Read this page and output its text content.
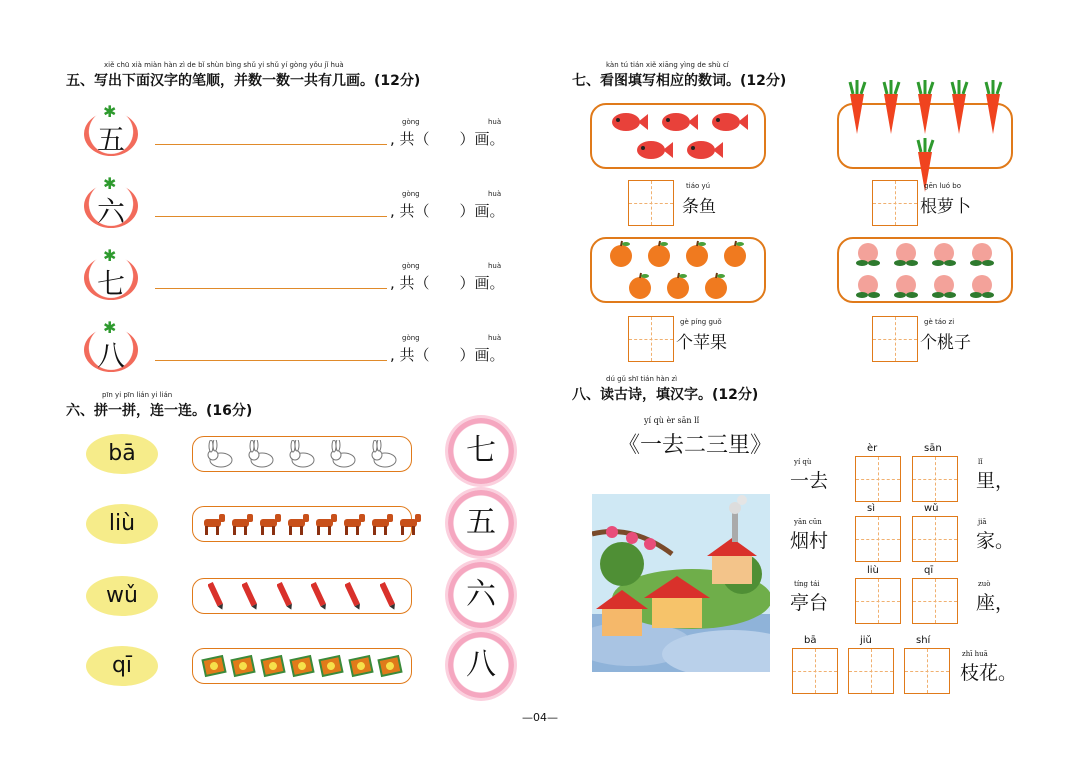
xiě chū xià miàn hàn zì de bǐ shùn bìng shǔ yi shǔ yí gòng yǒu jǐ huà
五、写出下面汉字的笔顺，并数一数一共有几画。(12分)
✱
五
gòng	huà
, 共（　　）画。
✱
六
gòng	huà
, 共（　　）画。
✱
七
gòng	huà
, 共（　　）画。
✱
八
gòng	huà
, 共（　　）画。
pīn yi pīn lián yi lián
六、拼一拼，连一连。(16分)
bā	七
liù	五
wǔ	六
qī	八
kàn tú tián xiě xiāng yìng de shù cí
七、看图填写相应的数词。(12分)
tiáo yú
条鱼
gēn luó bo
根萝卜
gè píng guǒ
个苹果
gè táo zi
个桃子
dú gǔ shī tián hàn zì
八、读古诗，填汉字。(12分)
yí qù èr sān lǐ
《一去二三里》
yí qù
一去
èr	sān
lǐ
里，
yān cūn
烟村
sì	wǔ
jiā
家。
tíng tái
亭台
liù	qī
zuò
座，
bā	jiǔ	shí
zhī huā
枝花。
—04—
